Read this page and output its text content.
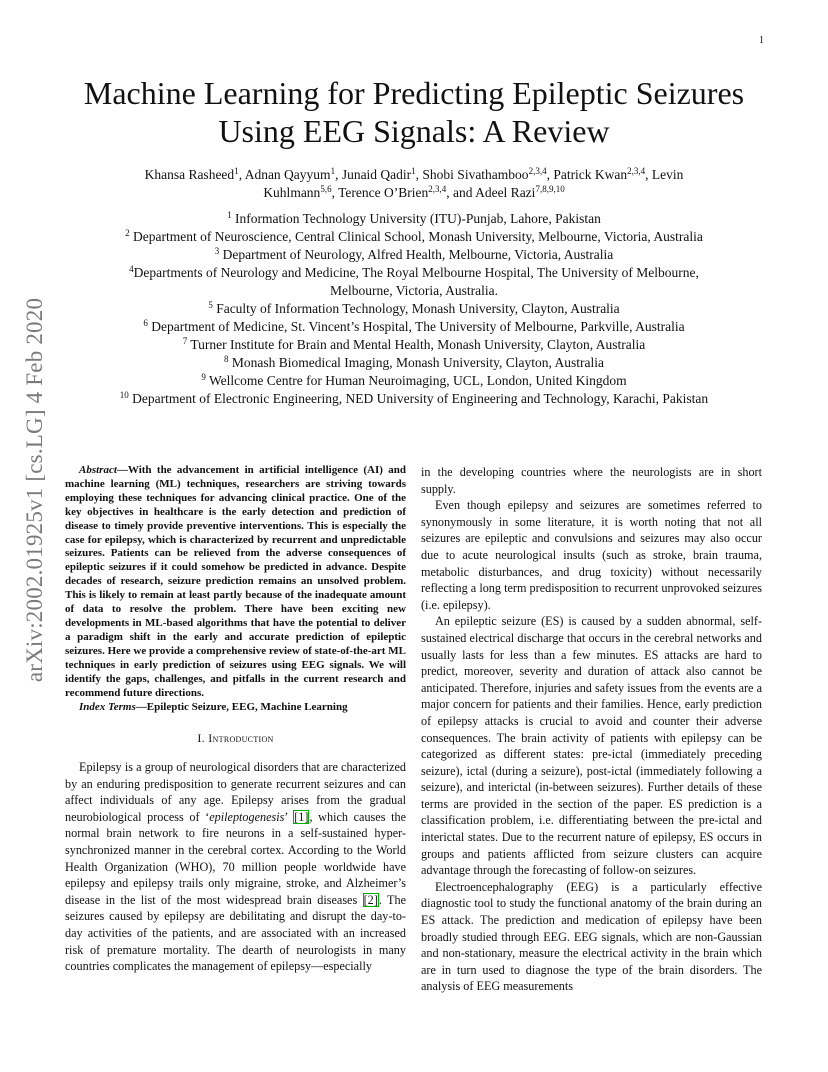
1
arXiv:2002.01925v1 [cs.LG] 4 Feb 2020
Machine Learning for Predicting Epileptic Seizures
Using EEG Signals: A Review
Khansa Rasheed$^1$, Adnan Qayyum$^1$, Junaid Qadir$^1$, Shobi Sivathamboo$^{2,3,4}$, Patrick Kwan$^{2,3,4}$, Levin
Kuhlmann$^{5,6}$, Terence O’Brien$^{2,3,4}$, and Adeel Razi$^{7,8,9,10}$
$^1$ Information Technology University (ITU)-Punjab, Lahore, Pakistan
$^2$ Department of Neuroscience, Central Clinical School, Monash University, Melbourne, Victoria, Australia
$^3$ Department of Neurology, Alfred Health, Melbourne, Victoria, Australia
$^4$Departments of Neurology and Medicine, The Royal Melbourne Hospital, The University of Melbourne,
Melbourne, Victoria, Australia.
$^5$ Faculty of Information Technology, Monash University, Clayton, Australia
$^6$ Department of Medicine, St. Vincent’s Hospital, The University of Melbourne, Parkville, Australia
$^7$ Turner Institute for Brain and Mental Health, Monash University, Clayton, Australia
$^8$ Monash Biomedical Imaging, Monash University, Clayton, Australia
$^9$ Wellcome Centre for Human Neuroimaging, UCL, London, United Kingdom
$^{10}$ Department of Electronic Engineering, NED University of Engineering and Technology, Karachi, Pakistan

Abstract—With the advancement in artificial intelligence (AI) and machine learning (ML) techniques, researchers are striving towards employing these techniques for advancing clinical practice. One of the key objectives in healthcare is the early detection and prediction of disease to timely provide preventive interventions. This is especially the case for epilepsy, which is characterized by recurrent and unpredictable seizures. Patients can be relieved from the adverse consequences of epileptic seizures if it could somehow be predicted in advance. Despite decades of research, seizure prediction remains an unsolved problem. This is likely to remain at least partly because of the inadequate amount of data to resolve the problem. There have been exciting new developments in ML-based algorithms that have the potential to deliver a paradigm shift in the early and accurate prediction of epileptic seizures. Here we provide a comprehensive review of state-of-the-art ML techniques in early prediction of seizures using EEG signals. We will identify the gaps, challenges, and pitfalls in the current research and recommend future directions.

Index Terms—Epileptic Seizure, EEG, Machine Learning

I. Introduction

Epilepsy is a group of neurological disorders that are characterized by an enduring predisposition to generate recurrent seizures and can affect individuals of any age. Epilepsy arises from the gradual neurobiological process of ‘epileptogenesis’ [1], which causes the normal brain network to fire neurons in a self-sustained hyper-synchronized manner in the cerebral cortex. According to the World Health Organization (WHO), 70 million people worldwide have epilepsy and epilepsy trails only migraine, stroke, and Alzheimer’s disease in the list of the most widespread brain diseases [2]. The seizures caused by epilepsy are debilitating and disrupt the day-to-day activities of the patients, and are associated with an increased risk of premature mortality. The dearth of neurologists in many countries complicates the management of epilepsy—especially

in the developing countries where the neurologists are in short supply.

Even though epilepsy and seizures are sometimes referred to synonymously in some literature, it is worth noting that not all seizures are epileptic and convulsions and seizures may also occur due to acute neurological insults (such as stroke, brain trauma, metabolic disturbances, and drug toxicity) without necessarily reflecting a long term predisposition to recurrent unprovoked seizures (i.e. epilepsy).

An epileptic seizure (ES) is caused by a sudden abnormal, self-sustained electrical discharge that occurs in the cerebral networks and usually lasts for less than a few minutes. ES attacks are hard to predict, moreover, severity and duration of attack also cannot be anticipated. Therefore, injuries and safety issues from the events are a major concern for patients and their families. Hence, early prediction of epilepsy attacks is crucial to avoid and counter their adverse consequences. The brain activity of patients with epilepsy can be categorized as different states: pre-ictal (immediately preceding seizure), ictal (during a seizure), post-ictal (immediately following a seizure), and interictal (in-between seizures). Further details of these terms are provided in the section of the paper. ES prediction is a classification problem, i.e. differentiating between the pre-ictal and interictal states. Due to the recurrent nature of epilepsy, ES occurs in groups and patients afflicted from seizure clusters can acquire advantage through the forecasting of follow-on seizures.

Electroencephalography (EEG) is a particularly effective diagnostic tool to study the functional anatomy of the brain during an ES attack. The prediction and medication of epilepsy have been broadly studied through EEG. EEG signals, which are non-Gaussian and non-stationary, measure the electrical activity in the brain which are in turn used to diagnose the type of the brain disorders. The analysis of EEG measurements
